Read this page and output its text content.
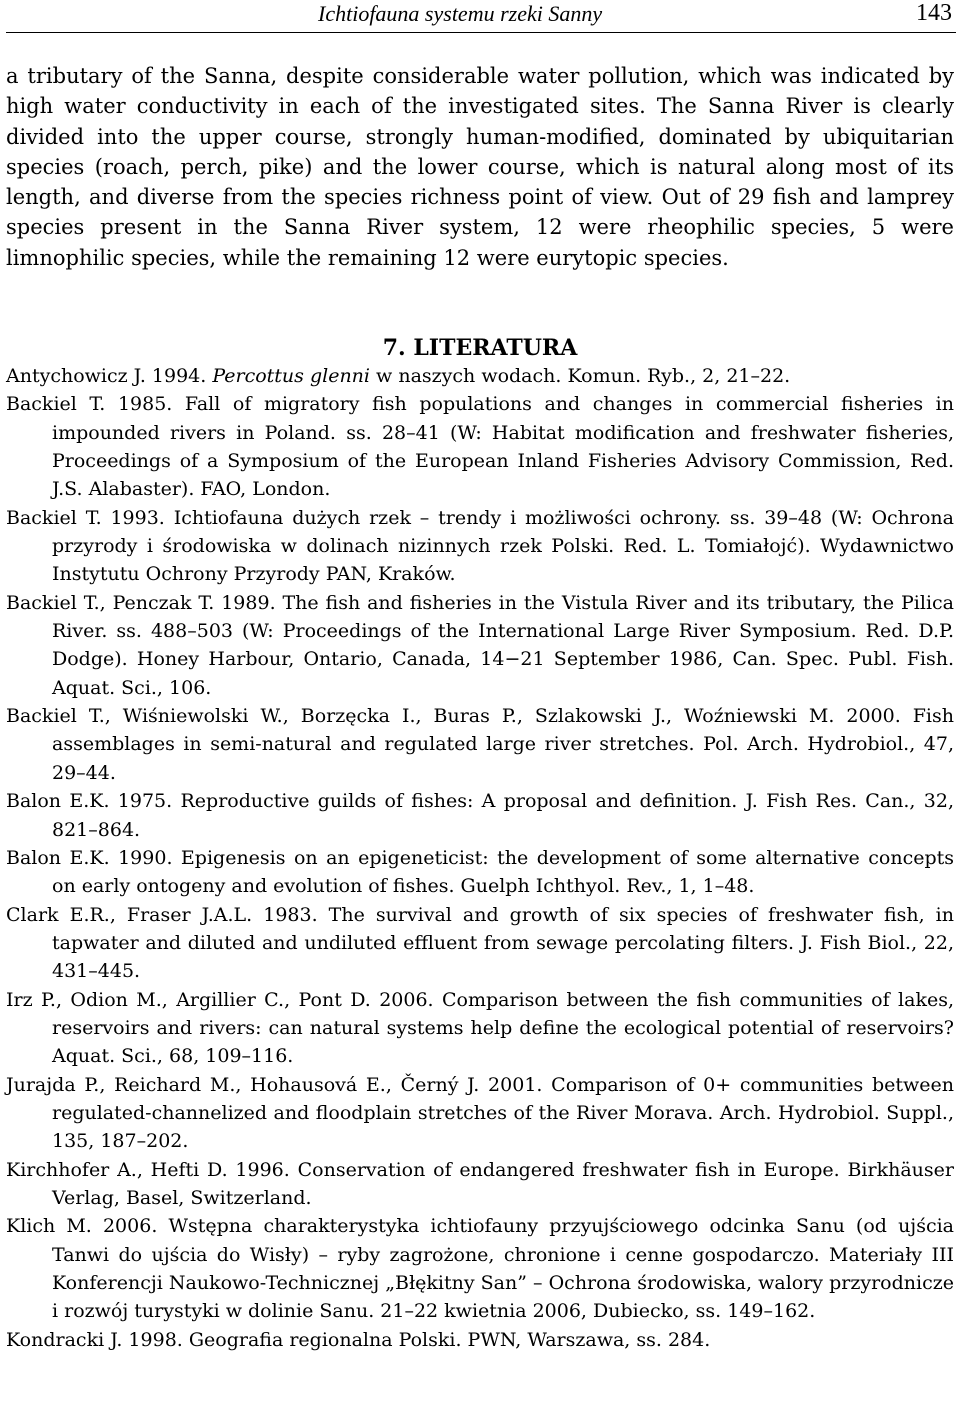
Ichtiofauna systemu rzeki Sanny	143

a tributary of the Sanna, despite considerable water pollution, which was indicated by high water conductivity in each of the investigated sites. The Sanna River is clearly divided into the upper course, strongly human-modified, dominated by ubiquitarian species (roach, perch, pike) and the lower course, which is natural along most of its length, and diverse from the species richness point of view. Out of 29 fish and lamprey species present in the Sanna River system, 12 were rheophilic species, 5 were limnophilic species, while the remaining 12 were eurytopic species.

7. LITERATURA
Antychowicz J. 1994. Percottus glenni w naszych wodach. Komun. Ryb., 2, 21–22.
Backiel T. 1985. Fall of migratory fish populations and changes in commercial fisheries in impounded rivers in Poland. ss. 28–41 (W: Habitat modification and freshwater fisheries, Proceedings of a Symposium of the European Inland Fisheries Advisory Commission, Red. J.S. Alabaster). FAO, London.
Backiel T. 1993. Ichtiofauna dużych rzek – trendy i możliwości ochrony. ss. 39–48 (W: Ochrona przyrody i środowiska w dolinach nizinnych rzek Polski. Red. L. Tomiałojć). Wydawnictwo Instytutu Ochrony Przyrody PAN, Kraków.
Backiel T., Penczak T. 1989. The fish and fisheries in the Vistula River and its tributary, the Pilica River. ss. 488–503 (W: Proceedings of the International Large River Symposium. Red. D.P. Dodge). Honey Harbour, Ontario, Canada, 14−21 September 1986, Can. Spec. Publ. Fish. Aquat. Sci., 106.
Backiel T., Wiśniewolski W., Borzęcka I., Buras P., Szlakowski J., Woźniewski M. 2000. Fish assemblages in semi-natural and regulated large river stretches. Pol. Arch. Hydrobiol., 47, 29–44.
Balon E.K. 1975. Reproductive guilds of fishes: A proposal and definition. J. Fish Res. Can., 32, 821–864.
Balon E.K. 1990. Epigenesis on an epigeneticist: the development of some alternative concepts on early ontogeny and evolution of fishes. Guelph Ichthyol. Rev., 1, 1–48.
Clark E.R., Fraser J.A.L. 1983. The survival and growth of six species of freshwater fish, in tapwater and diluted and undiluted effluent from sewage percolating filters. J. Fish Biol., 22, 431–445.
Irz P., Odion M., Argillier C., Pont D. 2006. Comparison between the fish communities of lakes, reservoirs and rivers: can natural systems help define the ecological potential of reservoirs? Aquat. Sci., 68, 109–116.
Jurajda P., Reichard M., Hohausová E., Černý J. 2001. Comparison of 0+ communities between regulated-channelized and floodplain stretches of the River Morava. Arch. Hydrobiol. Suppl., 135, 187–202.
Kirchhofer A., Hefti D. 1996. Conservation of endangered freshwater fish in Europe. Birkhäuser Verlag, Basel, Switzerland.
Klich M. 2006. Wstępna charakterystyka ichtiofauny przyujściowego odcinka Sanu (od ujścia Tanwi do ujścia do Wisły) – ryby zagrożone, chronione i cenne gospodarczo. Materiały III Konferencji Naukowo-Technicznej „Błękitny San” – Ochrona środowiska, walory przyrodnicze i rozwój turystyki w dolinie Sanu. 21–22 kwietnia 2006, Dubiecko, ss. 149–162.
Kondracki J. 1998. Geografia regionalna Polski. PWN, Warszawa, ss. 284.
